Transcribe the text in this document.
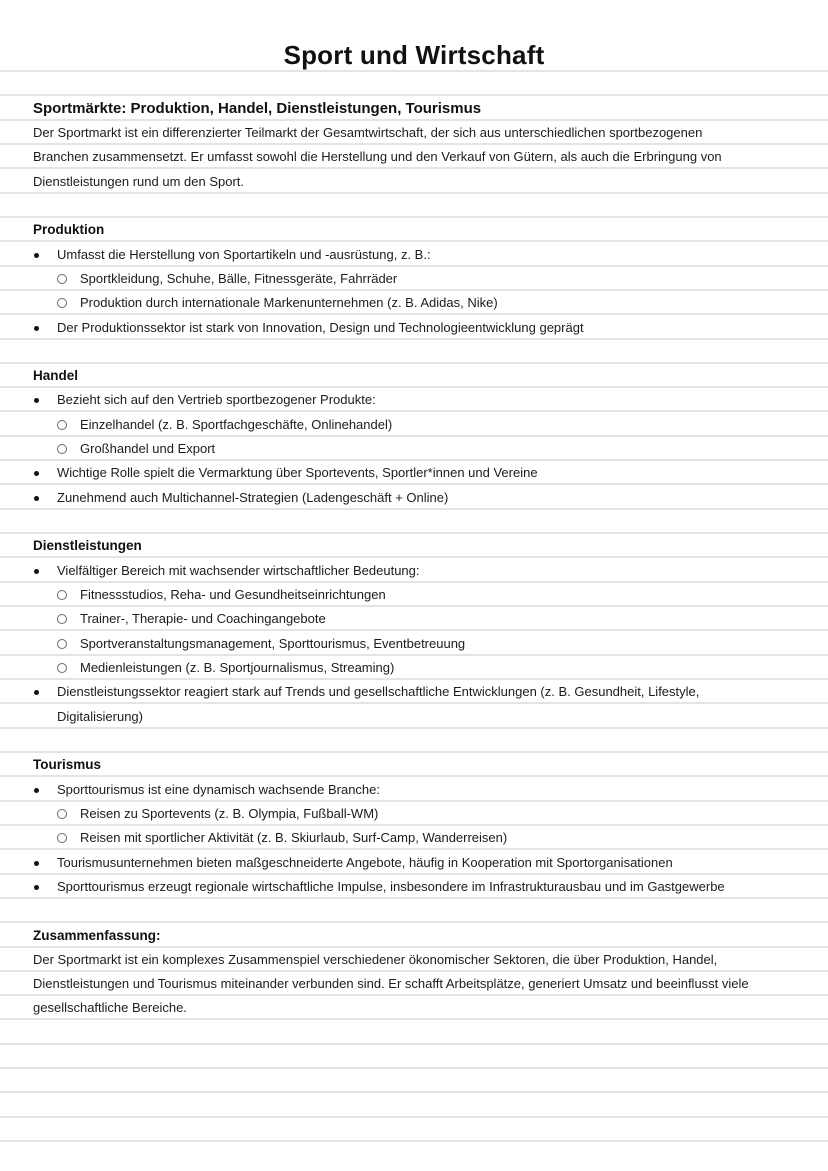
Sport und Wirtschaft
Sportmärkte: Produktion, Handel, Dienstleistungen, Tourismus
Der Sportmarkt ist ein differenzierter Teilmarkt der Gesamtwirtschaft, der sich aus unterschiedlichen sportbezogenen
Branchen zusammensetzt. Er umfasst sowohl die Herstellung und den Verkauf von Gütern, als auch die Erbringung von
Dienstleistungen rund um den Sport.
Produktion
Umfasst die Herstellung von Sportartikeln und -ausrüstung, z. B.:
Sportkleidung, Schuhe, Bälle, Fitnessgeräte, Fahrräder
Produktion durch internationale Markenunternehmen (z. B. Adidas, Nike)
Der Produktionssektor ist stark von Innovation, Design und Technologieentwicklung geprägt
Handel
Bezieht sich auf den Vertrieb sportbezogener Produkte:
Einzelhandel (z. B. Sportfachgeschäfte, Onlinehandel)
Großhandel und Export
Wichtige Rolle spielt die Vermarktung über Sportevents, Sportler*innen und Vereine
Zunehmend auch Multichannel-Strategien (Ladengeschäft + Online)
Dienstleistungen
Vielfältiger Bereich mit wachsender wirtschaftlicher Bedeutung:
Fitnessstudios, Reha- und Gesundheitseinrichtungen
Trainer-, Therapie- und Coachingangebote
Sportveranstaltungsmanagement, Sporttourismus, Eventbetreuung
Medienleistungen (z. B. Sportjournalismus, Streaming)
Dienstleistungssektor reagiert stark auf Trends und gesellschaftliche Entwicklungen (z. B. Gesundheit, Lifestyle,
Digitalisierung)
Tourismus
Sporttourismus ist eine dynamisch wachsende Branche:
Reisen zu Sportevents (z. B. Olympia, Fußball-WM)
Reisen mit sportlicher Aktivität (z. B. Skiurlaub, Surf-Camp, Wanderreisen)
Tourismusunternehmen bieten maßgeschneiderte Angebote, häufig in Kooperation mit Sportorganisationen
Sporttourismus erzeugt regionale wirtschaftliche Impulse, insbesondere im Infrastrukturausbau und im Gastgewerbe
Zusammenfassung:
Der Sportmarkt ist ein komplexes Zusammenspiel verschiedener ökonomischer Sektoren, die über Produktion, Handel,
Dienstleistungen und Tourismus miteinander verbunden sind. Er schafft Arbeitsplätze, generiert Umsatz und beeinflusst viele
gesellschaftliche Bereiche.
